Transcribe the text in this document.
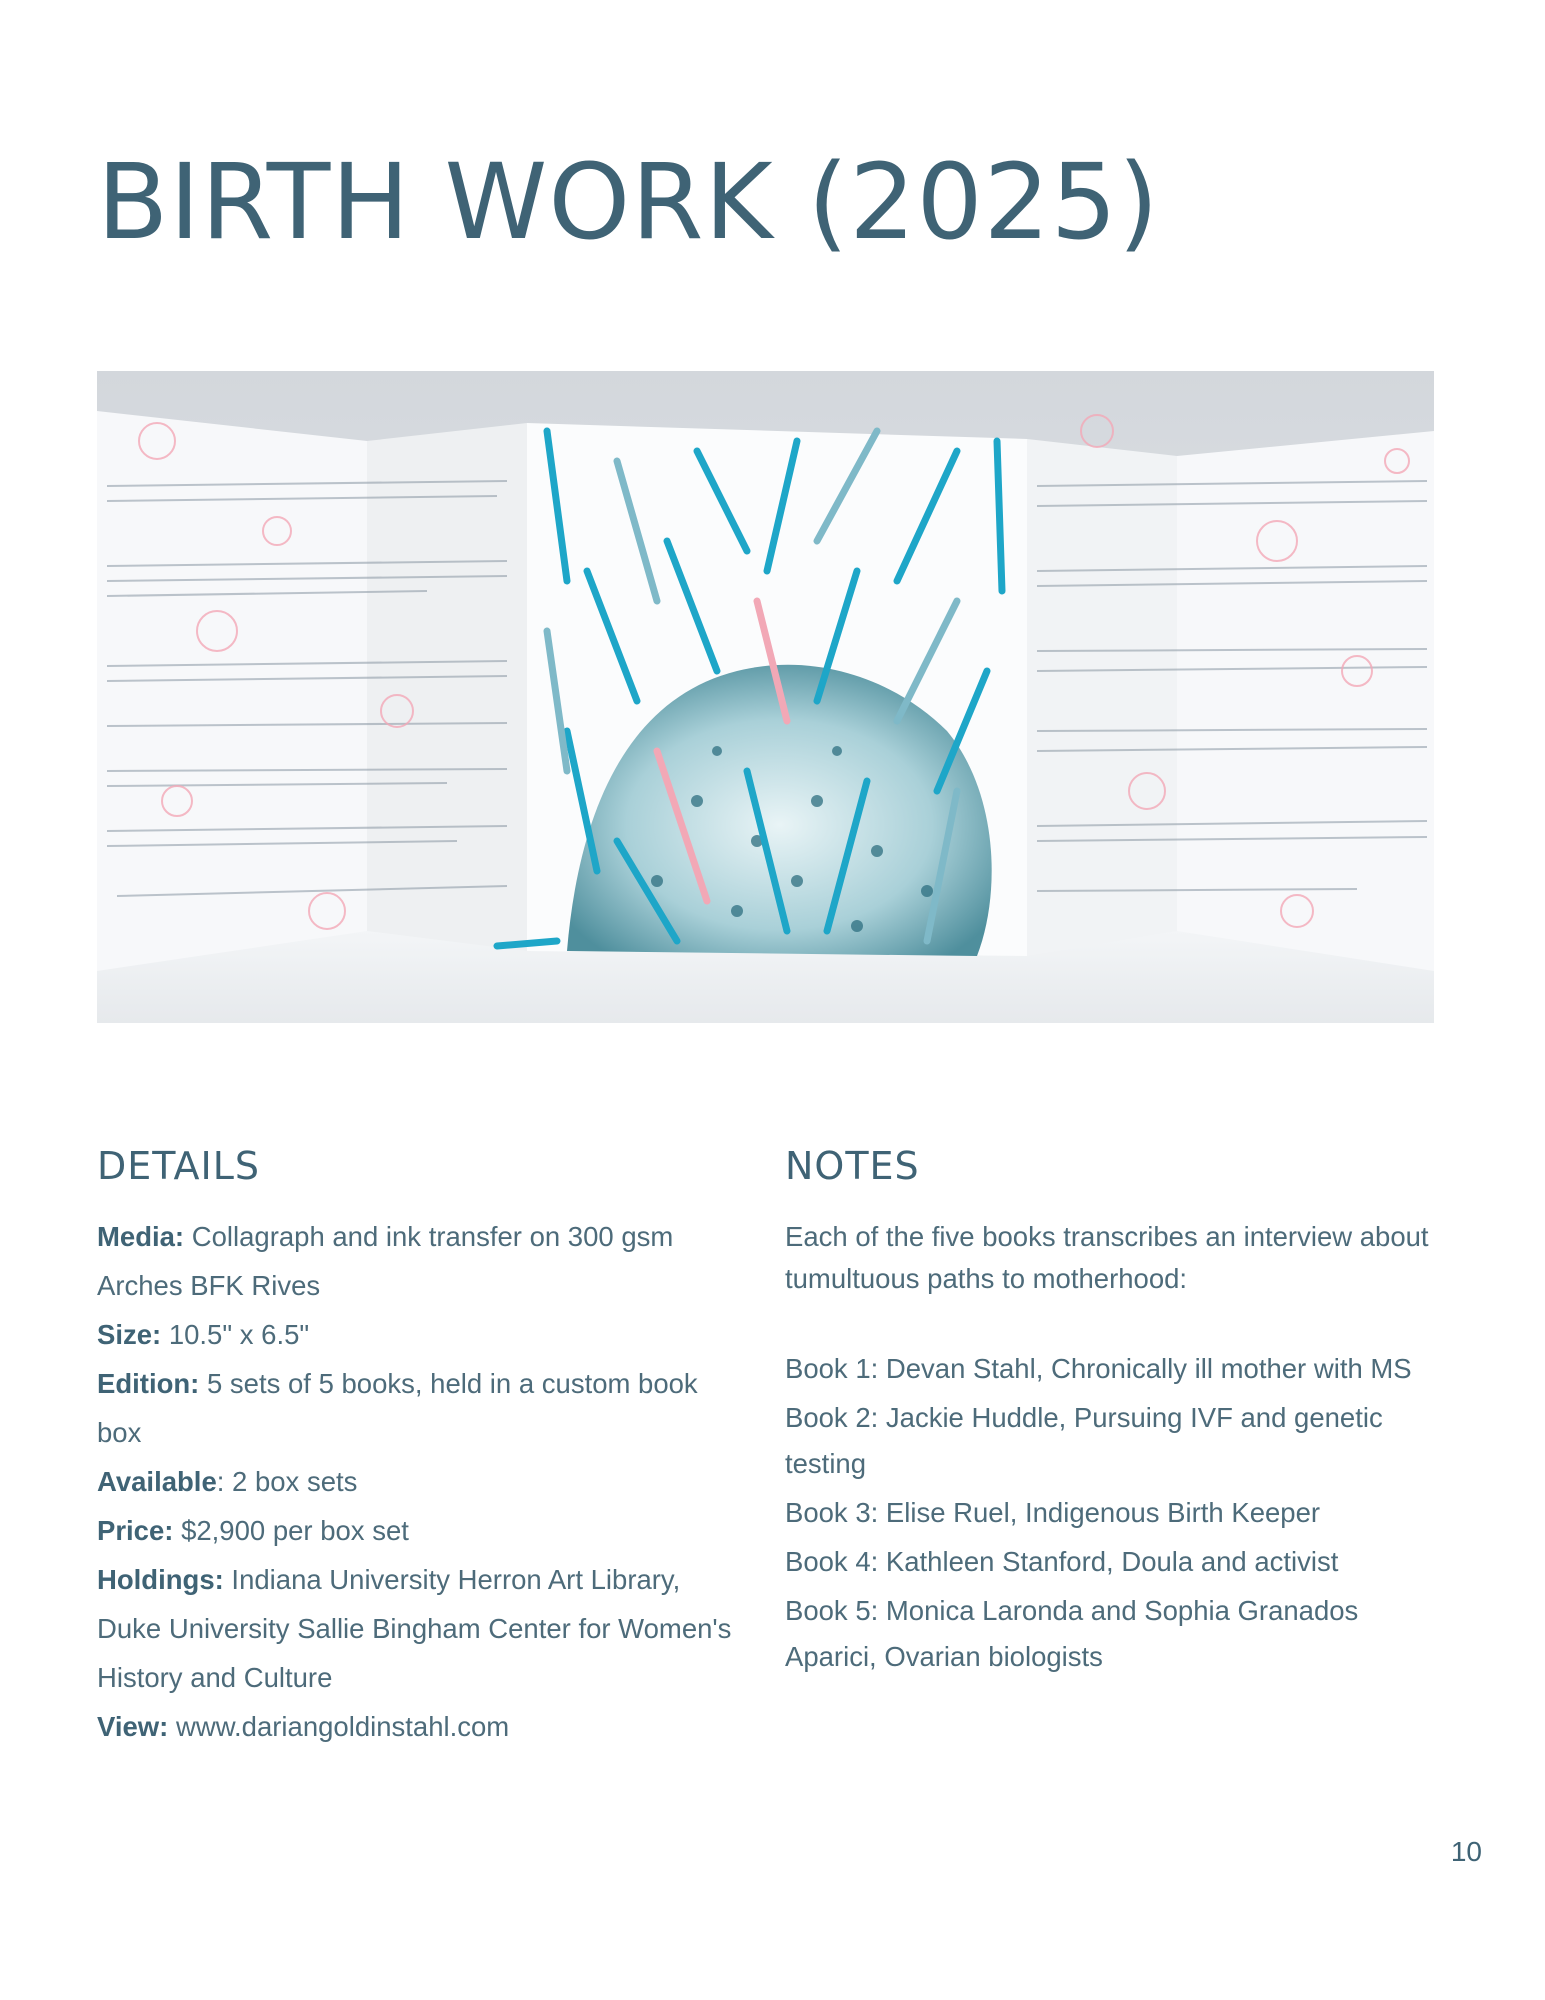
BIRTH WORK (2025)
DETAILS
Media: Collagraph and ink transfer on 300 gsm Arches BFK Rives
Size: 10.5" x 6.5"
Edition: 5 sets of 5 books, held in a custom book box
Available: 2 box sets
Price: $2,900 per box set
Holdings: Indiana University Herron Art Library, Duke University Sallie Bingham Center for Women's History and Culture
View: www.dariangoldinstahl.com
NOTES

Each of the five books transcribes an interview about tumultuous paths to motherhood:

Book 1: Devan Stahl, Chronically ill mother with MS
Book 2: Jackie Huddle, Pursuing IVF and genetic testing
Book 3: Elise Ruel, Indigenous Birth Keeper
Book 4: Kathleen Stanford, Doula and activist
Book 5: Monica Laronda and Sophia Granados Aparici, Ovarian biologists
10
